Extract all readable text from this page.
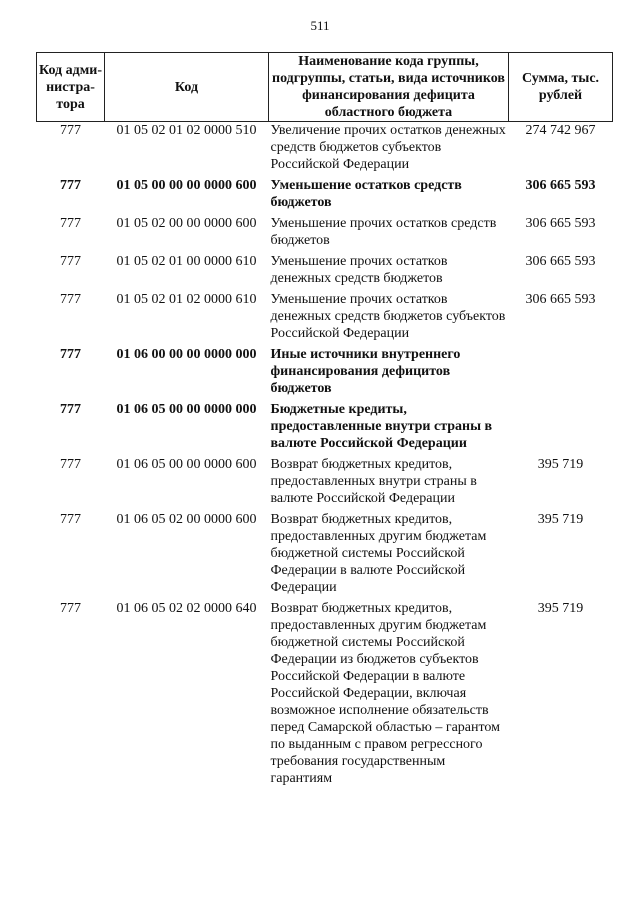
511
Код адми-нистра-тора	Код	Наименование кода группы, подгруппы, статьи, вида источников финансирования дефицита областного бюджета	Сумма, тыс. рублей
777	01 05 02 01 02 0000 510	Увеличение прочих остатков денежных средств бюджетов субъектов Российской Федерации	274 742 967
777	01 05 00 00 00 0000 600	Уменьшение остатков средств бюджетов	306 665 593
777	01 05 02 00 00 0000 600	Уменьшение прочих остатков средств бюджетов	306 665 593
777	01 05 02 01 00 0000 610	Уменьшение прочих остатков денежных средств бюджетов	306 665 593
777	01 05 02 01 02 0000 610	Уменьшение прочих остатков денежных средств бюджетов субъектов Российской Федерации	306 665 593
777	01 06 00 00 00 0000 000	Иные источники внутреннего финансирования дефицитов бюджетов	
777	01 06 05 00 00 0000 000	Бюджетные кредиты, предоставленные внутри страны в валюте Российской Федерации	
777	01 06 05 00 00 0000 600	Возврат бюджетных кредитов, предоставленных внутри страны в валюте Российской Федерации	395 719
777	01 06 05 02 00 0000 600	Возврат бюджетных кредитов, предоставленных другим бюджетам бюджетной системы Российской Федерации в валюте Российской Федерации	395 719
777	01 06 05 02 02 0000 640	Возврат бюджетных кредитов, предоставленных другим бюджетам бюджетной системы Российской Федерации из бюджетов субъектов Российской Федерации в валюте Российской Федерации, включая возможное исполнение обязательств перед Самарской областью – гарантом по выданным с правом регрессного требования государственным гарантиям	395 719
